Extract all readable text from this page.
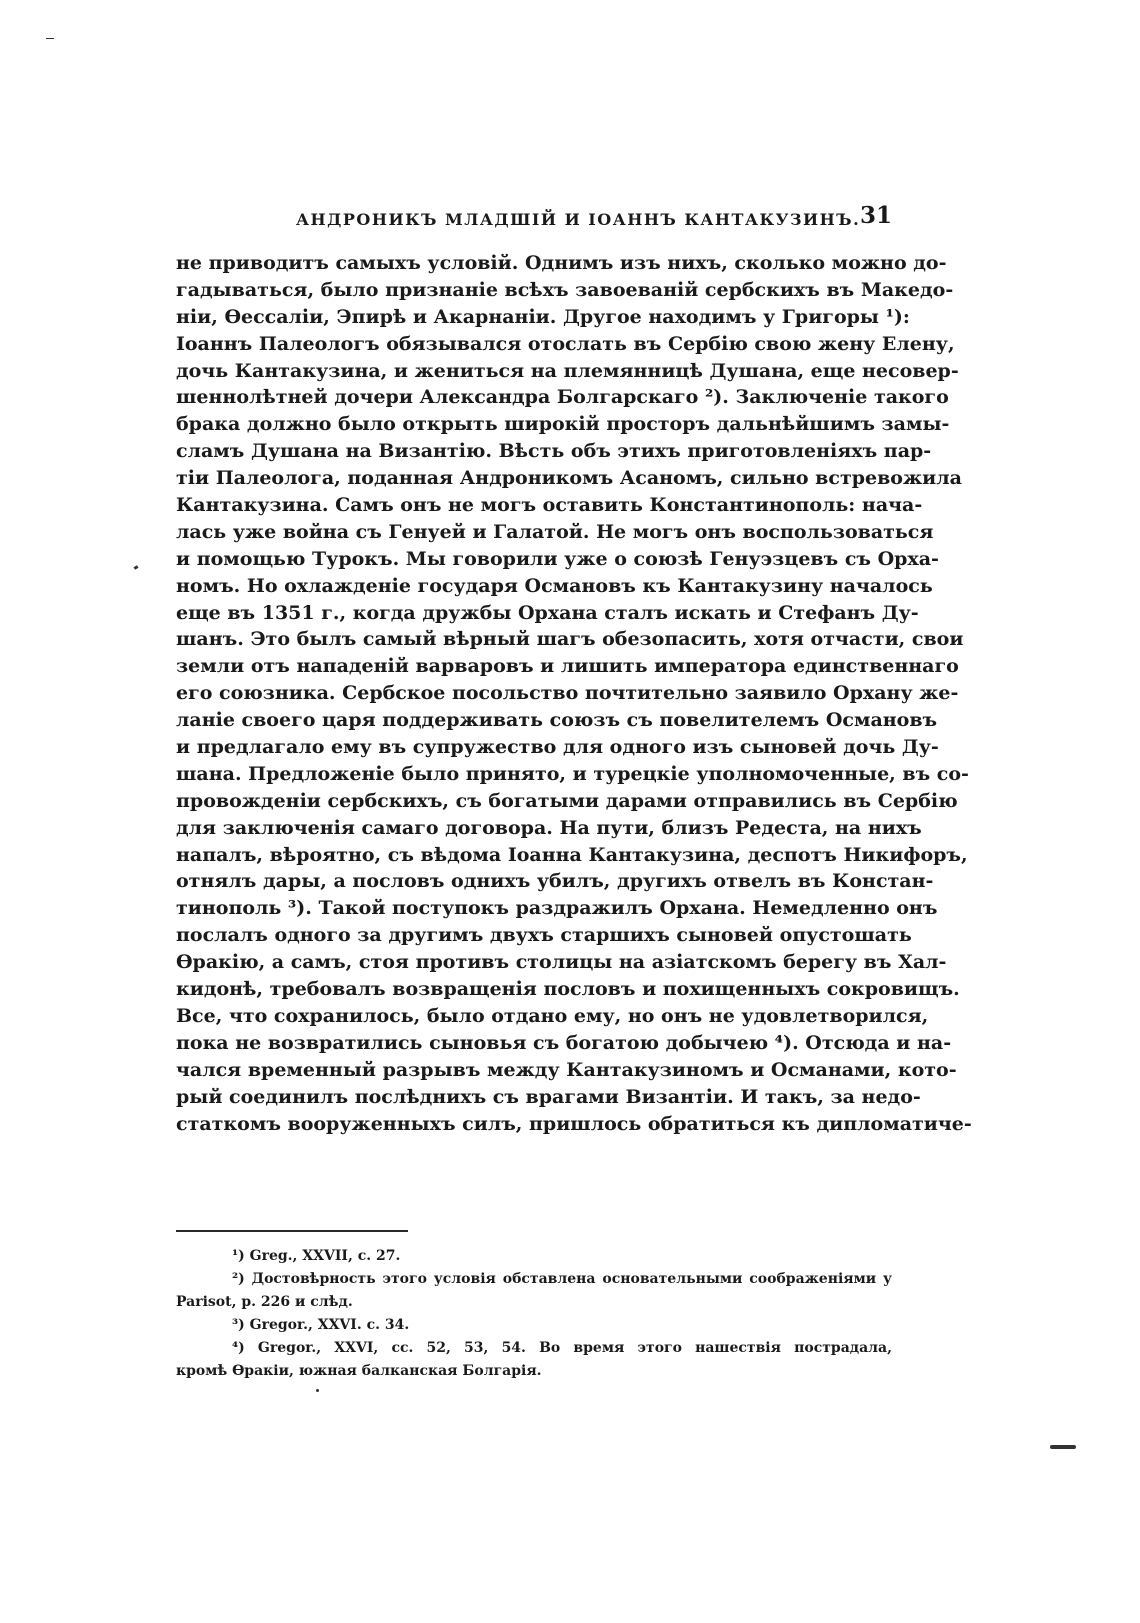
АНДРОНИКЪ МЛАДШІЙ И ІОАННЪ КАНТАКУЗИНЪ. 31
не приводитъ самыхъ условій. Однимъ изъ нихъ, сколько можно до-
гадываться, было признаніе всѣхъ завоеваній сербскихъ въ Македо-
ніи, Ѳессаліи, Эпирѣ и Акарнаніи. Другое находимъ у Григоры ¹):
Іоаннъ Палеологъ обязывался отослать въ Сербію свою жену Елену,
дочь Кантакузина, и жениться на племянницѣ Душана, еще несовер-
шеннолѣтней дочери Александра Болгарскаго ²). Заключеніе такого
брака должно было открыть широкій просторъ дальнѣйшимъ замы-
сламъ Душана на Византію. Вѣсть объ этихъ приготовленіяхъ пар-
тіи Палеолога, поданная Андроникомъ Асаномъ, сильно встревожила
Кантакузина. Самъ онъ не могъ оставить Константинополь: нача-
лась уже война съ Генуей и Галатой. Не могъ онъ воспользоваться
и помощью Турокъ. Мы говорили уже о союзѣ Генуэзцевъ съ Орха-
номъ. Но охлажденіе государя Османовъ къ Кантакузину началось
еще въ 1351 г., когда дружбы Орхана сталъ искать и Стефанъ Ду-
шанъ. Это былъ самый вѣрный шагъ обезопасить, хотя отчасти, свои
земли отъ нападеній варваровъ и лишить императора единственнаго
его союзника. Сербское посольство почтительно заявило Орхану же-
ланіе своего царя поддерживать союзъ съ повелителемъ Османовъ
и предлагало ему въ супружество для одного изъ сыновей дочь Ду-
шана. Предложеніе было принято, и турецкіе уполномоченные, въ со-
провожденіи сербскихъ, съ богатыми дарами отправились въ Сербію
для заключенія самаго договора. На пути, близъ Редеста, на нихъ
напалъ, вѣроятно, съ вѣдома Іоанна Кантакузина, деспотъ Никифоръ,
отнялъ дары, а пословъ однихъ убилъ, другихъ отвелъ въ Констан-
тинополь ³). Такой поступокъ раздражилъ Орхана. Немедленно онъ
послалъ одного за другимъ двухъ старшихъ сыновей опустошать
Ѳракію, а самъ, стоя противъ столицы на азіатскомъ берегу въ Хал-
кидонѣ, требовалъ возвращенія пословъ и похищенныхъ сокровищъ.
Все, что сохранилось, было отдано ему, но онъ не удовлетворился,
пока не возвратились сыновья съ богатою добычею ⁴). Отсюда и на-
чался временный разрывъ между Кантакузиномъ и Османами, кото-
рый соединилъ послѣднихъ съ врагами Византіи. И такъ, за недо-
статкомъ вооруженныхъ силъ, пришлось обратиться къ дипломатиче-
¹) Greg., XXVII, c. 27.
²) Достовѣрность этого условія обставлена основательными соображеніями у
Parisot, p. 226 и слѣд.
³) Gregor., XXVI. c. 34.
⁴) Gregor., XXVI, cc. 52, 53, 54. Во время этого нашествія пострадала,
кромѣ Ѳракіи, южная балканская Болгарія.
